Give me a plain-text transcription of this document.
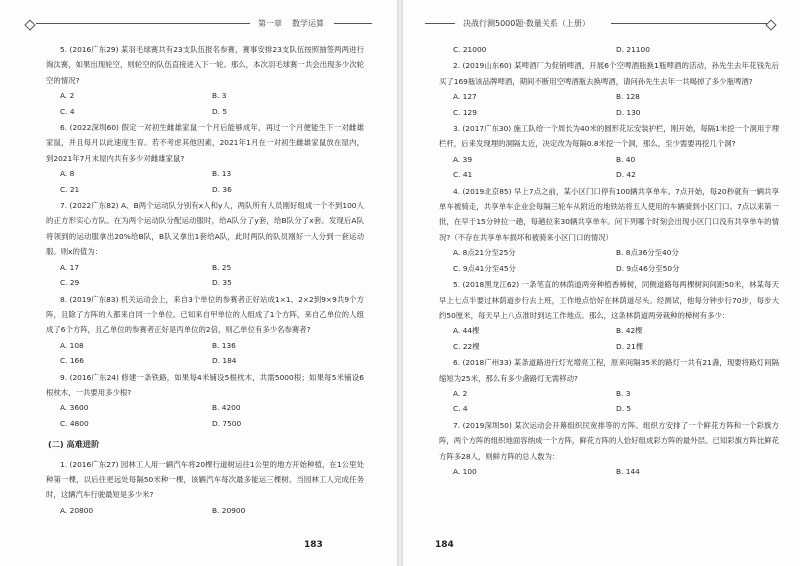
第一章 数学运算
5. (2016广东29) 某羽毛球赛共有23支队伍报名参赛，赛事安排23支队伍按照抽签两两进行淘汰赛，如果出现轮空，则轮空的队伍直接进入下一轮。那么，本次羽毛球赛一共会出现多少次轮空的情况?
A. 2	B. 3
C. 4	D. 5
6. (2022深圳60) 假定一对初生雌雄家鼠一个月后能够成年，再过一个月便能生下一对雌雄家鼠，并且每月以此速度生育。若不考虑其他因素，2021年1月在一对初生雌雄家鼠放在屋内，到2021年7月末屋内共有多少对雌雄家鼠?
A. 8	B. 13
C. 21	D. 36
7. (2022广东82) A、B两个运动队分别有x人和y人，两队所有人员刚好组成一个不到100人的正方形实心方队。在为两个运动队分配运动服时，给A队分了y套，给B队分了x套。发现后A队将领到的运动服拿出20%给B队，B队又拿出1套给A队，此时两队的队员刚好一人分到一套运动服。则x的值为：
A. 17	B. 25
C. 29	D. 35
8. (2019广东83) 机关运动会上，来自3个单位的参赛者正好站成1×1、2×2到9×9共9个方阵，且除了方阵的人都来自同一个单位。已知来自甲单位的人组成了1个方阵，来自乙单位的人组成了6个方阵，且乙单位的参赛者正好是丙单位的2倍，则乙单位有多少名参赛者?
A. 108	B. 136
C. 166	D. 184
9. (2016广东24) 修建一条铁路，如果每4米铺设5根枕木，共需5000根；如果每5米铺设6根枕木，一共要用多少根?
A. 3600	B. 4200
C. 4800	D. 7500
(二) 高难进阶
1. (2016广东27) 园林工人用一辆汽车将20棵行道树运往1公里的地方开始种植，在1公里处种第一棵，以后往更远处每隔50米种一棵，该辆汽车每次最多能运三棵树。当园林工人完成任务时，这辆汽车行驶最短是多少米?
A. 20800	B. 20900
183
决战行测5000题·数量关系（上册）
C. 21000	D. 21100
2. (2019山东60) 某啤酒厂为促销啤酒，开展6个空啤酒瓶换1瓶啤酒的活动，孙先生去年花钱先后买了169瓶该品牌啤酒，期间不断用空啤酒瓶去换啤酒，请问孙先生去年一共喝掉了多少瓶啤酒?
A. 127	B. 128
C. 129	D. 130
3. (2017广东30) 施工队给一个周长为40米的圆形花坛安装护栏，刚开始，每隔1米挖一个洞用于埋栏杆，后来发现埋的洞隔太近，决定改为每隔0.8米挖一个洞，那么，至少需要再挖几个洞?
A. 39	B. 40
C. 41	D. 42
4. (2019北京85) 早上7点之前，某小区门口停有100辆共享单车。7点开始，每20秒就有一辆共享单车被骑走，共享单车企业会每隔三轮车从附近的地铁站将五人使用的车辆骑到小区门口。7点以来第一批，在早于15分钟拉一趟，每趟拉来30辆共享单车。问下列哪个时刻会出现小区门口没有共享单车的情况?（不存在共享单车损坏和被骑来小区门口的情况）
A. 8点21分至25分	B. 8点36分至40分
C. 9点41分至45分	D. 9点46分至50分
5. (2018黑龙江62) 一条笔直的林荫道两旁种植香樟树，同侧道路每两棵树间间距50米，林某每天早上七点半要过林荫道步行去上班，工作地点恰好在林荫道尽头。经测试，他每分钟步行70步，每步大约50厘米，每天早上八点准时到达工作地点。那么，这条林荫道两旁栽种的樟树有多少：
A. 44棵	B. 42棵
C. 22棵	D. 21棵
6. (2018广州33) 某条道路进行灯光增亮工程，原来间隔35米的路灯一共有21盏，现要将路灯间隔缩短为25米，那么有多少盏路灯无需移动?
A. 2	B. 3
C. 4	D. 5
7. (2019深圳50) 某次运动会开幕组织民宽排等的方阵。组织方安排了一个鲜花方阵和一个彩旗方阵，两个方阵的组织地面容纳成一个方阵，鲜花方阵的人恰好组成彩方阵的最外层。已知彩旗方阵比鲜花方阵多28人，则鲜方阵的总人数为：
A. 100	B. 144
184
